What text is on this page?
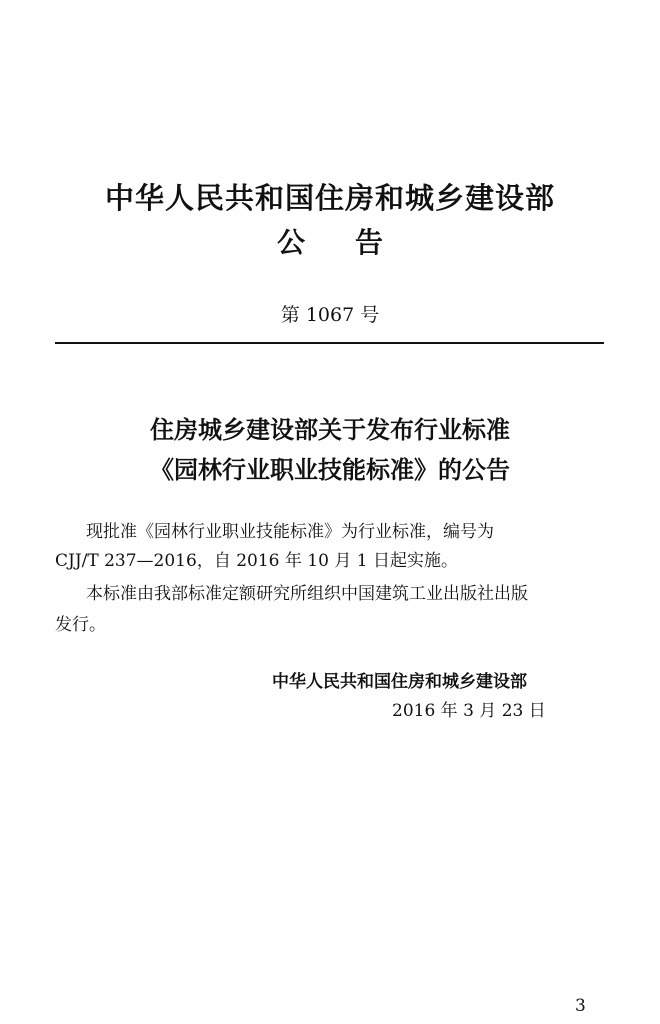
中华人民共和国住房和城乡建设部
公告

第 1067 号

住房城乡建设部关于发布行业标准
《园林行业职业技能标准》的公告

现批准《园林行业职业技能标准》为行业标准，编号为

CJJ/T 237—2016，自 2016 年 10 月 1 日起实施。

本标准由我部标准定额研究所组织中国建筑工业出版社出版

发行。

中华人民共和国住房和城乡建设部

2016 年 3 月 23 日

3
